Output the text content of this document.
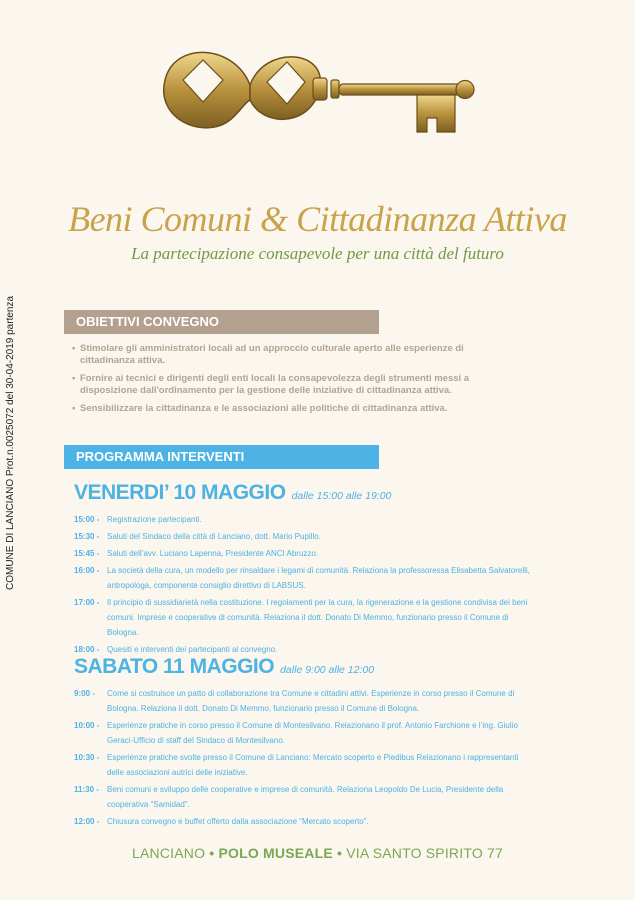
Beni Comuni & Cittadinanza Attiva
La partecipazione consapevole per una città del futuro
COMUNE DI LANCIANO Prot.n.0025072 del 30-04-2019 partenza	OBIETTIVI CONVEGNO
• Stimolare gli amministratori locali ad un approccio culturale aperto alle esperienze di cittadinanza attiva.
• Fornire ai tecnici e dirigenti degli enti locali la consapevolezza degli strumenti messi a disposizione dall'ordinamento per la gestione delle iniziative di cittadinanza attiva.
• Sensibilizzare la cittadinanza e le associazioni alle politiche di cittadinanza attiva.
PROGRAMMA INTERVENTI
VENERDI’ 10 MAGGIO dalle 15:00 alle 19:00
15:00 - Registrazione partecipanti.
15:30 - Saluti del Sindaco della città di Lanciano, dott. Mario Pupillo.
15:45 - Saluti dell’avv. Luciano Lapenna, Presidente ANCI Abruzzo.
16:00 - La società della cura, un modello per rinsaldare i legami di comunità. Relaziona la professoressa Elisabetta Salvatorelli, antropologa, componente consiglio direttivo di LABSUS.
17:00 - Il principio di sussidiarietà nella costituzione. I regolamenti per la cura, la rigenerazione e la gestione condivisa dei beni comuni. Imprese e cooperative di comunità. Relaziona il dott. Donato Di Memmo, funzionario presso il Comune di Bologna.
18:00 - Quesiti e interventi dei partecipanti al convegno.
SABATO 11 MAGGIO dalle 9:00 alle 12:00
9:00 -	Come si costruisce un patto di collaborazione tra Comune e cittadini attivi. Esperienze in corso presso il Comune di Bologna. Relaziona il dott. Donato Di Memmo, funzionario presso il Comune di Bologna.
10:00 - Esperienze pratiche in corso presso il Comune di Montesilvano. Relazionano il prof. Antonio Farchione e l’ing. Giulio Geraci-Ufficio di staff del Sindaco di Montesilvano.
10:30 - Esperienze pratiche svolte presso il Comune di Lanciano: Mercato scoperto e Piedibus Relazionano i rappresentanti delle associazioni autrici delle iniziative.
11:30 -	Beni comuni e sviluppo delle cooperative e imprese di comunità. Relaziona Leopoldo De Lucia, Presidente della cooperativa “Samidad”.
12:00 - Chiusura convegno e buffet offerto dalla associazione “Mercato scoperto”.
LANCIANO • POLO MUSEALE • VIA SANTO SPIRITO 77
